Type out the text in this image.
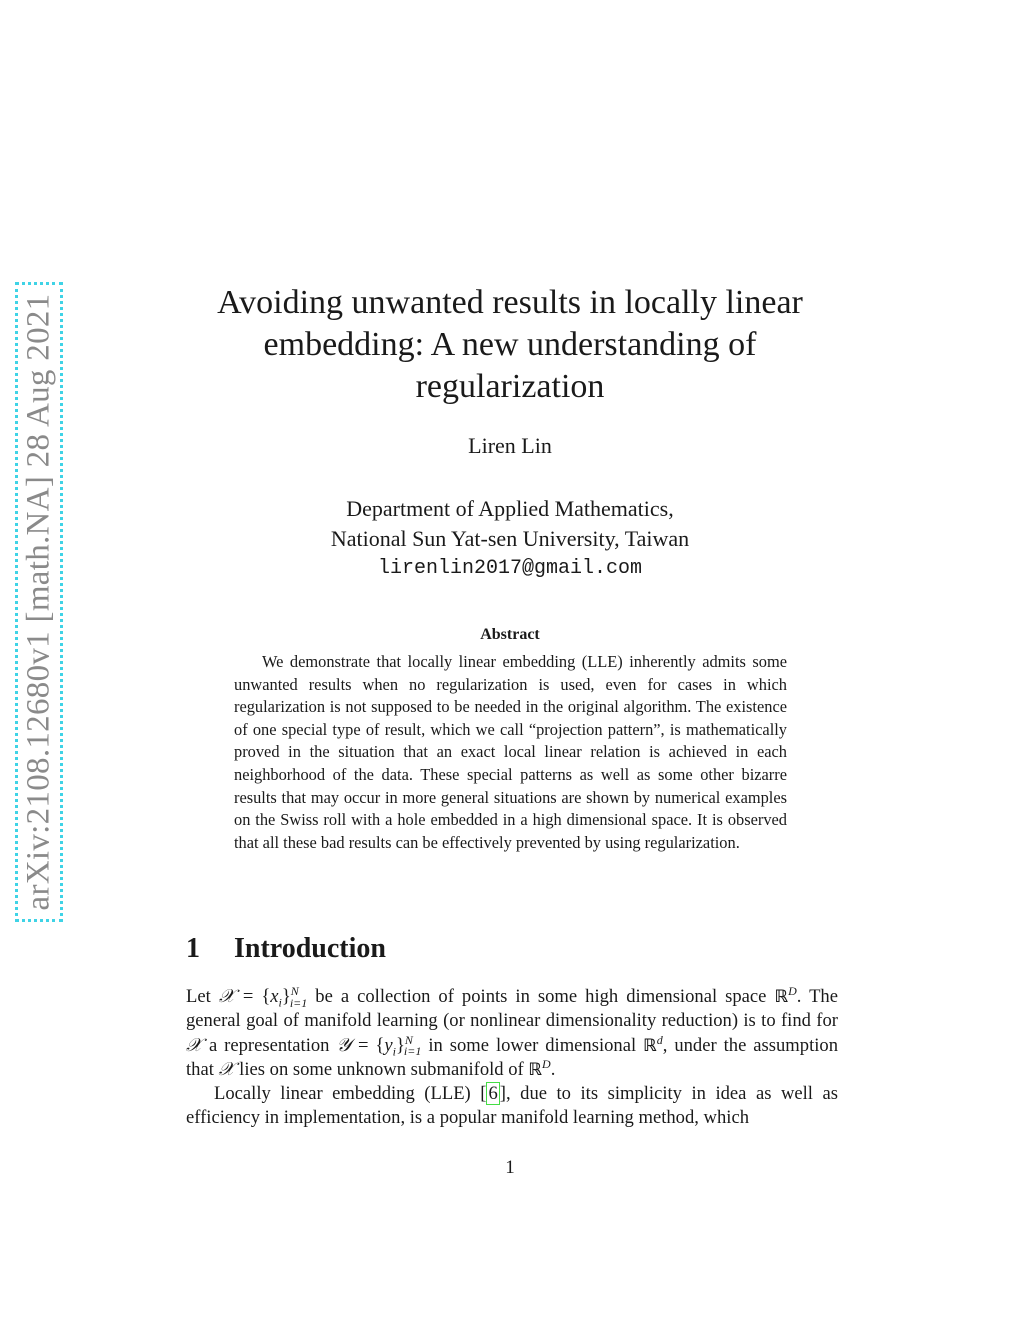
arXiv:2108.12680v1 [math.NA] 28 Aug 2021	Avoiding unwanted results in locally linear embedding: A new understanding of regularization
Liren Lin
Department of Applied Mathematics,
National Sun Yat-sen University, Taiwan
lirenlin2017@gmail.com
Abstract
We demonstrate that locally linear embedding (LLE) inherently admits some unwanted results when no regularization is used, even for cases in which regularization is not supposed to be needed in the original algorithm. The existence of one special type of result, which we call “projection pattern”, is mathematically proved in the situation that an exact local linear relation is achieved in each neighborhood of the data. These special patterns as well as some other bizarre results that may occur in more general situations are shown by numerical examples on the Swiss roll with a hole embedded in a high dimensional space. It is observed that all these bad results can be effectively prevented by using regularization.
1 Introduction

Let 𝒳 = $\{x_i\}^N_{i=1}$ be a collection of points in some high dimensional space ℝ$^D$. The general goal of manifold learning (or nonlinear dimensionality reduction) is to find for 𝒳 a representation 𝒴 = $\{y_i\}^N_{i=1}$ in some lower dimensional ℝ$^d$, under the assumption that 𝒳 lies on some unknown submanifold of ℝ$^D$.

Locally linear embedding (LLE) [ 6 ], due to its simplicity in idea as well as efficiency in implementation, is a popular manifold learning method, which

1
